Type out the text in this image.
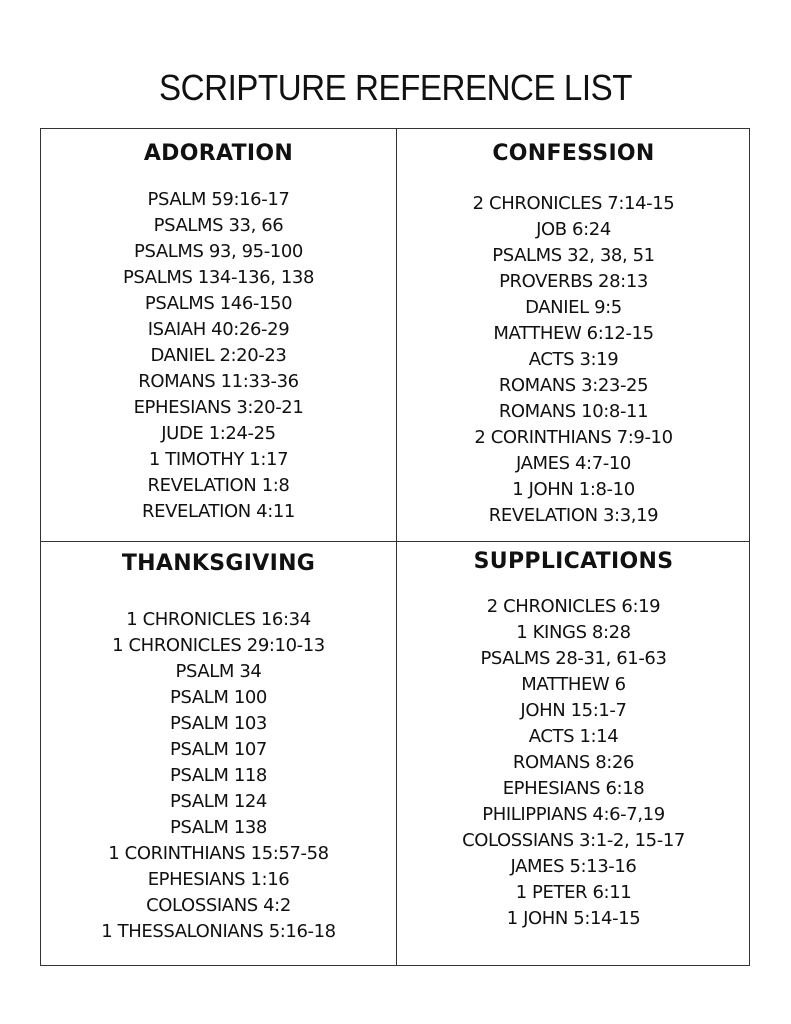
SCRIPTURE REFERENCE LIST
ADORATION
PSALM 59:16-17
PSALMS 33, 66
PSALMS 93, 95-100
PSALMS 134-136, 138
PSALMS 146-150
ISAIAH 40:26-29
DANIEL 2:20-23
ROMANS 11:33-36
EPHESIANS 3:20-21
JUDE 1:24-25
1 TIMOTHY 1:17
REVELATION 1:8
REVELATION 4:11
CONFESSION
2 CHRONICLES 7:14-15
JOB 6:24
PSALMS 32, 38, 51
PROVERBS 28:13
DANIEL 9:5
MATTHEW 6:12-15
ACTS 3:19
ROMANS 3:23-25
ROMANS 10:8-11
2 CORINTHIANS 7:9-10
JAMES 4:7-10
1 JOHN 1:8-10
REVELATION 3:3,19
THANKSGIVING
1 CHRONICLES 16:34
1 CHRONICLES 29:10-13
PSALM 34
PSALM 100
PSALM 103
PSALM 107
PSALM 118
PSALM 124
PSALM 138
1 CORINTHIANS 15:57-58
EPHESIANS 1:16
COLOSSIANS 4:2
1 THESSALONIANS 5:16-18
SUPPLICATIONS
2 CHRONICLES 6:19
1 KINGS 8:28
PSALMS 28-31, 61-63
MATTHEW 6
JOHN 15:1-7
ACTS 1:14
ROMANS 8:26
EPHESIANS 6:18
PHILIPPIANS 4:6-7,19
COLOSSIANS 3:1-2, 15-17
JAMES 5:13-16
1 PETER 6:11
1 JOHN 5:14-15
